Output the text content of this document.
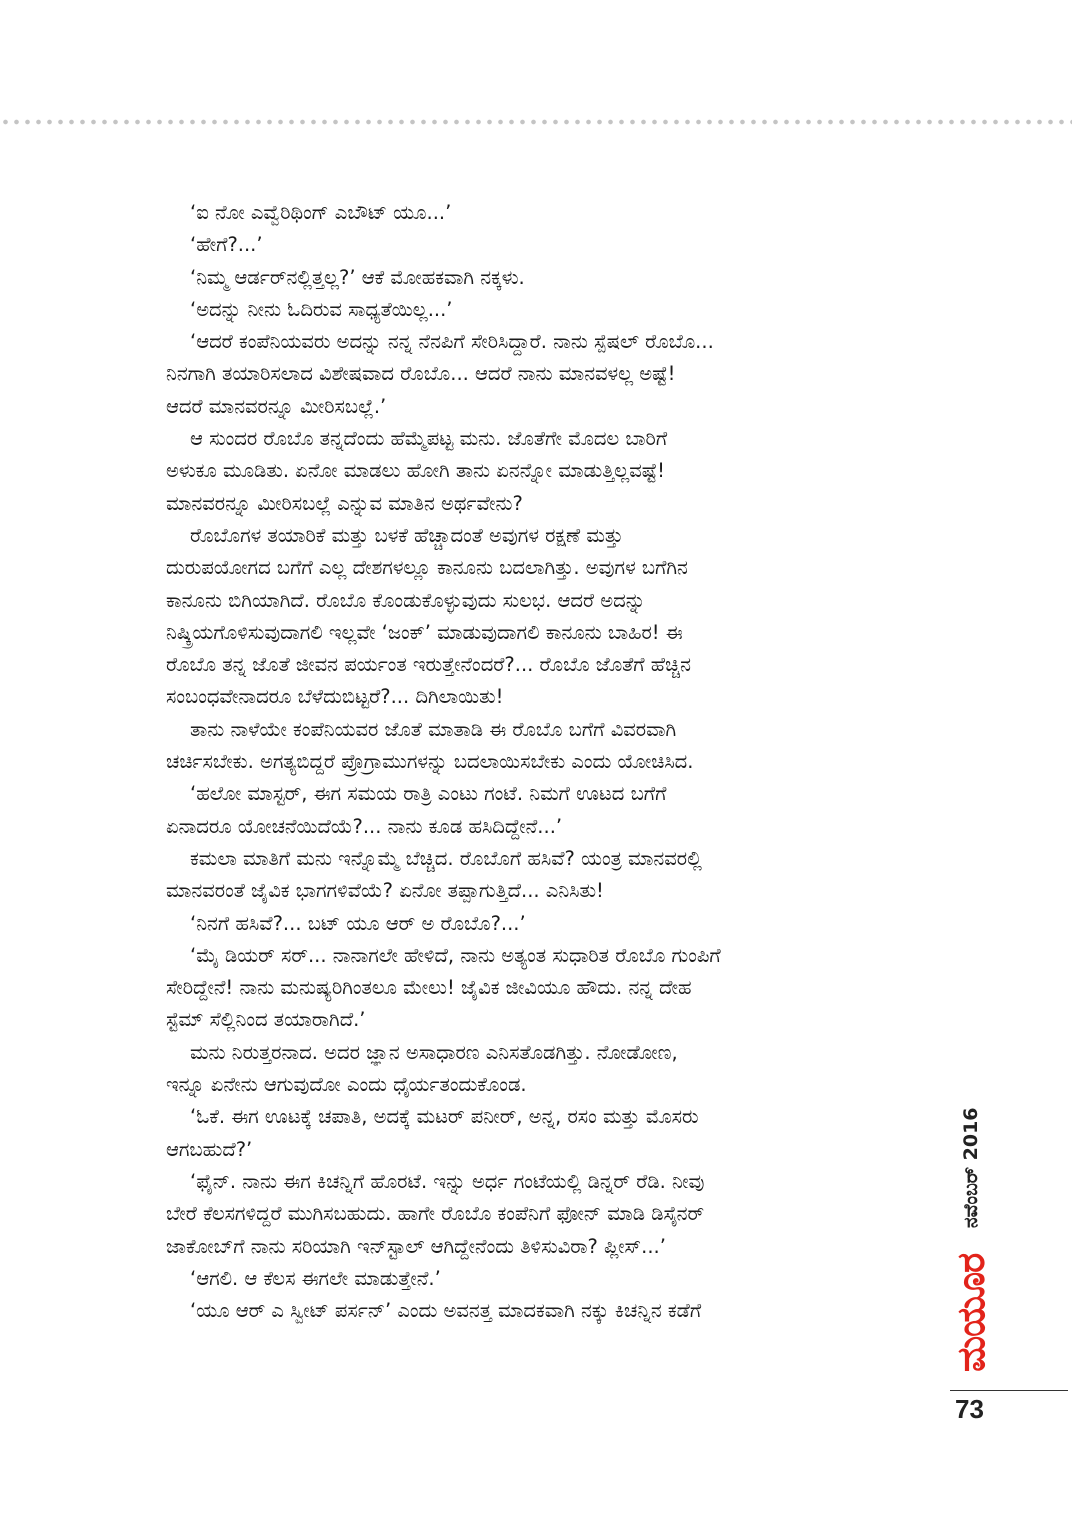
‘ಐ ನೋ ಎವ್ವೆರಿಥಿಂಗ್ ಎಬೌಟ್ ಯೂ...’
‘ಹೇಗೆ?...’
‘ನಿಮ್ಮ ಆರ್ಡರ್‌ನಲ್ಲಿತ್ತಲ್ಲ?’ ಆಕೆ ಮೋಹಕವಾಗಿ ನಕ್ಕಳು.
‘ಅದನ್ನು ನೀನು ಓದಿರುವ ಸಾಧ್ಯತೆಯಿಲ್ಲ...’
‘ಆದರೆ ಕಂಪೆನಿಯವರು ಅದನ್ನು ನನ್ನ ನೆನಪಿಗೆ ಸೇರಿಸಿದ್ದಾರೆ. ನಾನು ಸ್ಪೆಷಲ್ ರೊಬೊ...
ನಿನಗಾಗಿ ತಯಾರಿಸಲಾದ ವಿಶೇಷವಾದ ರೊಬೊ... ಆದರೆ ನಾನು ಮಾನವಳಲ್ಲ ಅಷ್ಟೆ!
ಆದರೆ ಮಾನವರನ್ನೂ ಮೀರಿಸಬಲ್ಲೆ.’
ಆ ಸುಂದರ ರೊಬೊ ತನ್ನದೆಂದು ಹೆಮ್ಮೆಪಟ್ಟ ಮನು. ಜೊತೆಗೇ ಮೊದಲ ಬಾರಿಗೆ
ಅಳುಕೂ ಮೂಡಿತು. ಏನೋ ಮಾಡಲು ಹೋಗಿ ತಾನು ಏನನ್ನೋ ಮಾಡುತ್ತಿಲ್ಲವಷ್ಟೆ!
ಮಾನವರನ್ನೂ ಮೀರಿಸಬಲ್ಲೆ ಎನ್ನುವ ಮಾತಿನ ಅರ್ಥವೇನು?
ರೊಬೊಗಳ ತಯಾರಿಕೆ ಮತ್ತು ಬಳಕೆ ಹೆಚ್ಚಾದಂತೆ ಅವುಗಳ ರಕ್ಷಣೆ ಮತ್ತು
ದುರುಪಯೋಗದ ಬಗೆಗೆ ಎಲ್ಲ ದೇಶಗಳಲ್ಲೂ ಕಾನೂನು ಬದಲಾಗಿತ್ತು. ಅವುಗಳ ಬಗೆಗಿನ
ಕಾನೂನು ಬಿಗಿಯಾಗಿದೆ. ರೊಬೊ ಕೊಂಡುಕೊಳ್ಳುವುದು ಸುಲಭ. ಆದರೆ ಅದನ್ನು
ನಿಷ್ಕ್ರಿಯಗೊಳಿಸುವುದಾಗಲಿ ಇಲ್ಲವೇ ‘ಜಂಕ್’ ಮಾಡುವುದಾಗಲಿ ಕಾನೂನು ಬಾಹಿರ! ಈ
ರೊಬೊ ತನ್ನ ಜೊತೆ ಜೀವನ ಪರ್ಯಂತ ಇರುತ್ತೇನೆಂದರೆ?... ರೊಬೊ ಜೊತೆಗೆ ಹೆಚ್ಚಿನ
ಸಂಬಂಧವೇನಾದರೂ ಬೆಳೆದುಬಿಟ್ಟರೆ?... ದಿಗಿಲಾಯಿತು!
ತಾನು ನಾಳೆಯೇ ಕಂಪೆನಿಯವರ ಜೊತೆ ಮಾತಾಡಿ ಈ ರೊಬೊ ಬಗೆಗೆ ವಿವರವಾಗಿ
ಚರ್ಚಿಸಬೇಕು. ಅಗತ್ಯಬಿದ್ದರೆ ಪ್ರೊಗ್ರಾಮುಗಳನ್ನು ಬದಲಾಯಿಸಬೇಕು ಎಂದು ಯೋಚಿಸಿದ.
‘ಹಲೋ ಮಾಸ್ಟರ್, ಈಗ ಸಮಯ ರಾತ್ರಿ ಎಂಟು ಗಂಟೆ. ನಿಮಗೆ ಊಟದ ಬಗೆಗೆ
ಏನಾದರೂ ಯೋಚನೆಯಿದೆಯೆ?... ನಾನು ಕೂಡ ಹಸಿದಿದ್ದೇನೆ...’
ಕಮಲಾ ಮಾತಿಗೆ ಮನು ಇನ್ನೊಮ್ಮೆ ಬೆಚ್ಚಿದ. ರೊಬೊಗೆ ಹಸಿವೆ? ಯಂತ್ರ ಮಾನವರಲ್ಲಿ
ಮಾನವರಂತೆ ಜೈವಿಕ ಭಾಗಗಳಿವೆಯೆ? ಏನೋ ತಪ್ಪಾಗುತ್ತಿದೆ... ಎನಿಸಿತು!
‘ನಿನಗೆ ಹಸಿವೆ?... ಬಟ್ ಯೂ ಆರ್ ಅ ರೊಬೊ?...’
‘ಮೈ ಡಿಯರ್ ಸರ್... ನಾನಾಗಲೇ ಹೇಳಿದೆ, ನಾನು ಅತ್ಯಂತ ಸುಧಾರಿತ ರೊಬೊ ಗುಂಪಿಗೆ
ಸೇರಿದ್ದೇನೆ! ನಾನು ಮನುಷ್ಯರಿಗಿಂತಲೂ ಮೇಲು! ಜೈವಿಕ ಜೀವಿಯೂ ಹೌದು. ನನ್ನ ದೇಹ
ಸ್ಟೆಮ್ ಸೆಲ್ಲಿನಿಂದ ತಯಾರಾಗಿದೆ.’
ಮನು ನಿರುತ್ತರನಾದ. ಅದರ ಜ್ಞಾನ ಅಸಾಧಾರಣ ಎನಿಸತೊಡಗಿತ್ತು. ನೋಡೋಣ,
ಇನ್ನೂ ಏನೇನು ಆಗುವುದೋ ಎಂದು ಧೈರ್ಯತಂದುಕೊಂಡ.
‘ಓಕೆ. ಈಗ ಊಟಕ್ಕೆ ಚಪಾತಿ, ಅದಕ್ಕೆ ಮಟರ್ ಪನೀರ್, ಅನ್ನ, ರಸಂ ಮತ್ತು ಮೊಸರು
ಆಗಬಹುದೆ?’
‘ಫೈನ್. ನಾನು ಈಗ ಕಿಚನ್ನಿಗೆ ಹೊರಟೆ. ಇನ್ನು ಅರ್ಧ ಗಂಟೆಯಲ್ಲಿ ಡಿನ್ನರ್ ರೆಡಿ. ನೀವು
ಬೇರೆ ಕೆಲಸಗಳಿದ್ದರೆ ಮುಗಿಸಬಹುದು. ಹಾಗೇ ರೊಬೊ ಕಂಪೆನಿಗೆ ಫೋನ್ ಮಾಡಿ ಡಿಸೈನರ್
ಜಾಕೋಬ್‌ಗೆ ನಾನು ಸರಿಯಾಗಿ ಇನ್‌ಸ್ಟಾಲ್ ಆಗಿದ್ದೇನೆಂದು ತಿಳಿಸುವಿರಾ? ಪ್ಲೀಸ್...’
‘ಆಗಲಿ. ಆ ಕೆಲಸ ಈಗಲೇ ಮಾಡುತ್ತೇನೆ.’
‘ಯೂ ಆರ್ ಎ ಸ್ವೀಟ್ ಪರ್ಸನ್’ ಎಂದು ಅವನತ್ತ ಮಾದಕವಾಗಿ ನಕ್ಕು ಕಿಚನ್ನಿನ ಕಡೆಗೆ
ನವೆಂಬರ್ 2016
ಮಯೂರ
73
